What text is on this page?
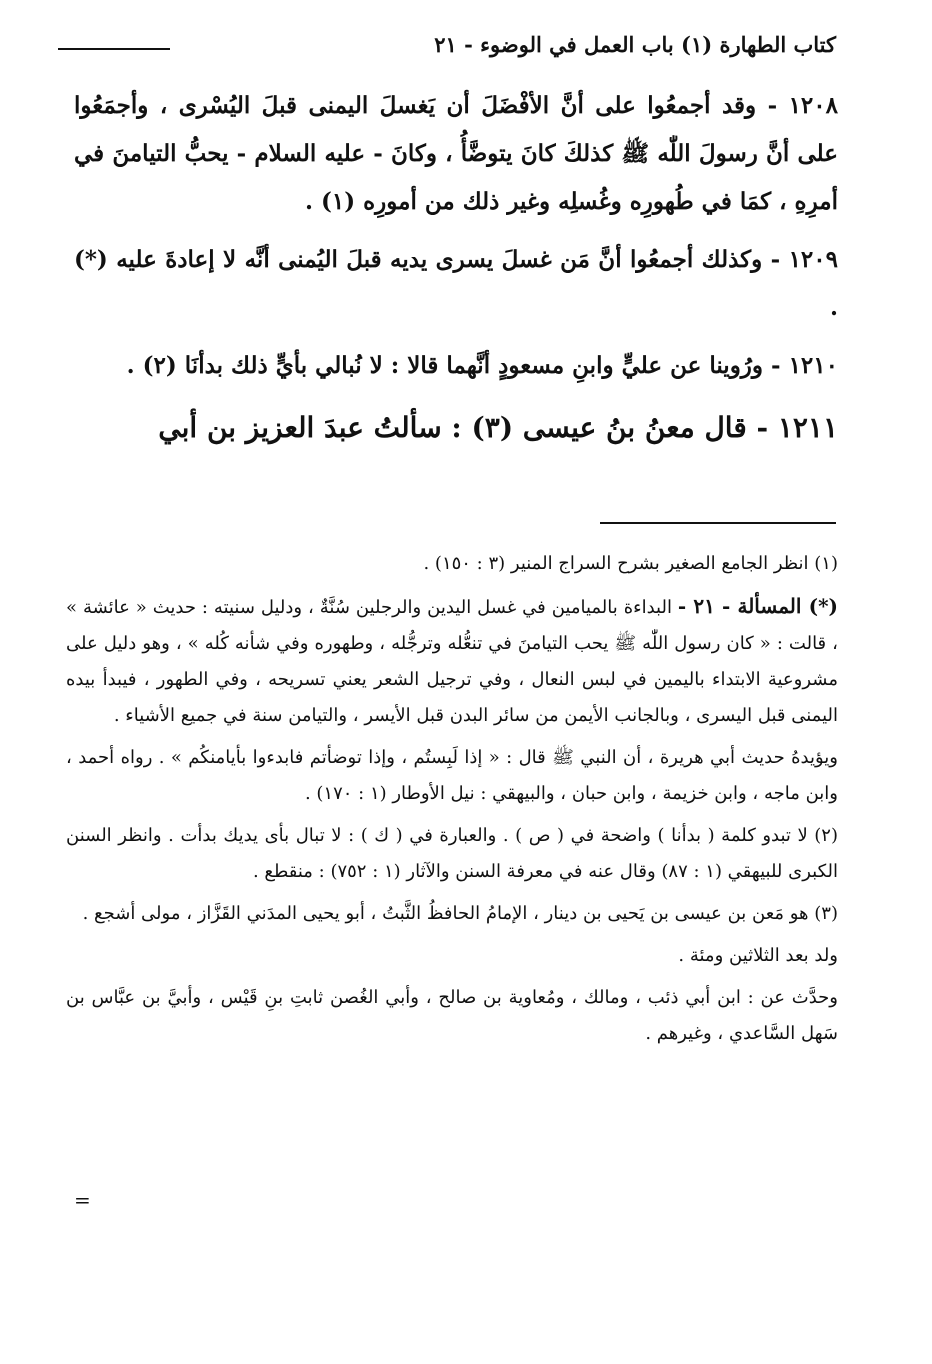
كتاب الطهارة (١) باب العمل في الوضوء - ٢١

١٢٠٨ - وقد أجمعُوا على أنَّ الأفْضَلَ أن يَغسلَ اليمنى قبلَ اليُسْرى ، وأجمَعُوا على أنَّ رسولَ اللّٰه ﷺ كذلكَ كانَ يتوضَّأُ ، وكانَ - عليه السلام - يحبُّ التيامنَ في أمرِهِ ، كمَا في طُهورِه وغُسلِه وغير ذلك من أمورِه (١) .

١٢٠٩ - وكذلك أجمعُوا أنَّ مَن غسلَ يسرى يديه قبلَ اليُمنى أنَّه لا إعادةَ عليه (*) .

١٢١٠ - ورُوينا عن عليٍّ وابنِ مسعودٍ أنَّهما قالا : لا نُبالي بأيٍّ ذلك بدأنَا (٢) .

١٢١١ - قال معنُ بنُ عيسى (٣) : سألتُ عبدَ العزيز بن أبي

(١) انظر الجامع الصغير بشرح السراج المنير (٣ : ١٥٠) .

(*) المسألة - ٢١ - البداءة بالميامين في غسل اليدين والرجلين سُنَّةٌ ، ودليل سنيته : حديث « عائشة » ، قالت : « كان رسول اللّٰه ﷺ يحب التيامنَ في تنعُّله وترجُّله ، وطهوره وفي شأنه كُله » ، وهو دليل على مشروعية الابتداء باليمين في لبس النعال ، وفي ترجيل الشعر يعني تسريحه ، وفي الطهور ، فيبدأ بيده اليمنى قبل اليسرى ، وبالجانب الأيمن من سائر البدن قبل الأيسر ، والتيامن سنة في جميع الأشياء .

ويؤيدهُ حديث أبي هريرة ، أن النبي ﷺ قال : « إذا لَبِستُم ، وإذا توضأتم فابدءوا بأيامنكُم » . رواه أحمد ، وابن ماجه ، وابن خزيمة ، وابن حبان ، والبيهقي : نيل الأوطار (١ : ١٧٠) .

(٢) لا تبدو كلمة ( بدأنا ) واضحة في ( ص ) . والعبارة في ( ك ) : لا تبال بأى يديك بدأت . وانظر السنن الكبرى للبيهقي (١ : ٨٧) وقال عنه في معرفة السنن والآثار (١ : ٧٥٢) : منقطع .

(٣) هو مَعن بن عيسى بن يَحيى بن دينار ، الإمامُ الحافظُ الثَّبتُ ، أبو يحيى المدَني القَزَّاز ، مولى أشجع .

ولد بعد الثلاثين ومئة .

وحدَّث عن : ابن أبي ذئب ، ومالك ، ومُعاوية بن صالح ، وأبي الغُصن ثابتِ بنِ قَيْس ، وأبيَّ بن عبَّاس بن سَهل السَّاعدي ، وغيرهم .

=
